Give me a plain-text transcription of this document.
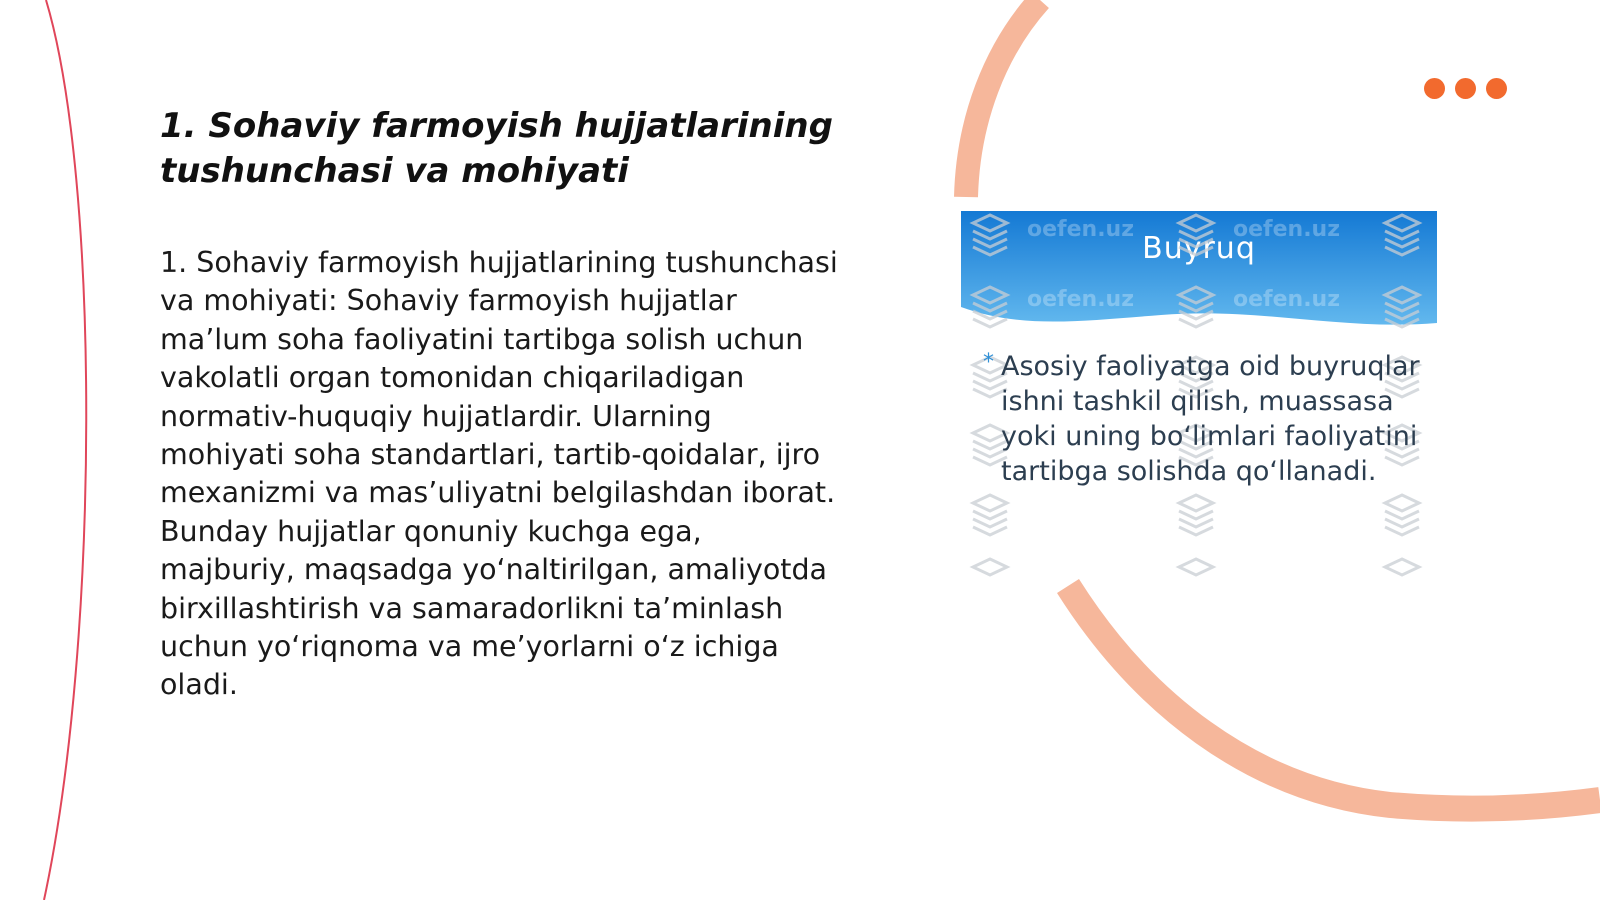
1. Sohaviy farmoyish hujjatlarining tushunchasi va mohiyati

1. Sohaviy farmoyish hujjatlarining tushunchasi va mohiyati: Sohaviy farmoyish hujjatlar ma’lum soha faoliyatini tartibga solish uchun vakolatli organ tomonidan chiqariladigan normativ-huquqiy hujjatlardir. Ularning mohiyati soha standartlari, tartib-qoidalar, ijro mexanizmi va mas’uliyatni belgilashdan iborat. Bunday hujjatlar qonuniy kuchga ega, majburiy, maqsadga yo‘naltirilgan, amaliyotda birxillashtirish va samaradorlikni ta’minlash uchun yo‘riqnoma va me’yorlarni o‘z ichiga oladi.

Buyruq
oefen.uz	oefen.uz
oefen.uz	oefen.uz
* Asosiy faoliyatga oid buyruqlar ishni tashkil qilish, muassasa yoki uning bo‘limlari faoliyatini tartibga solishda qo‘llanadi.
